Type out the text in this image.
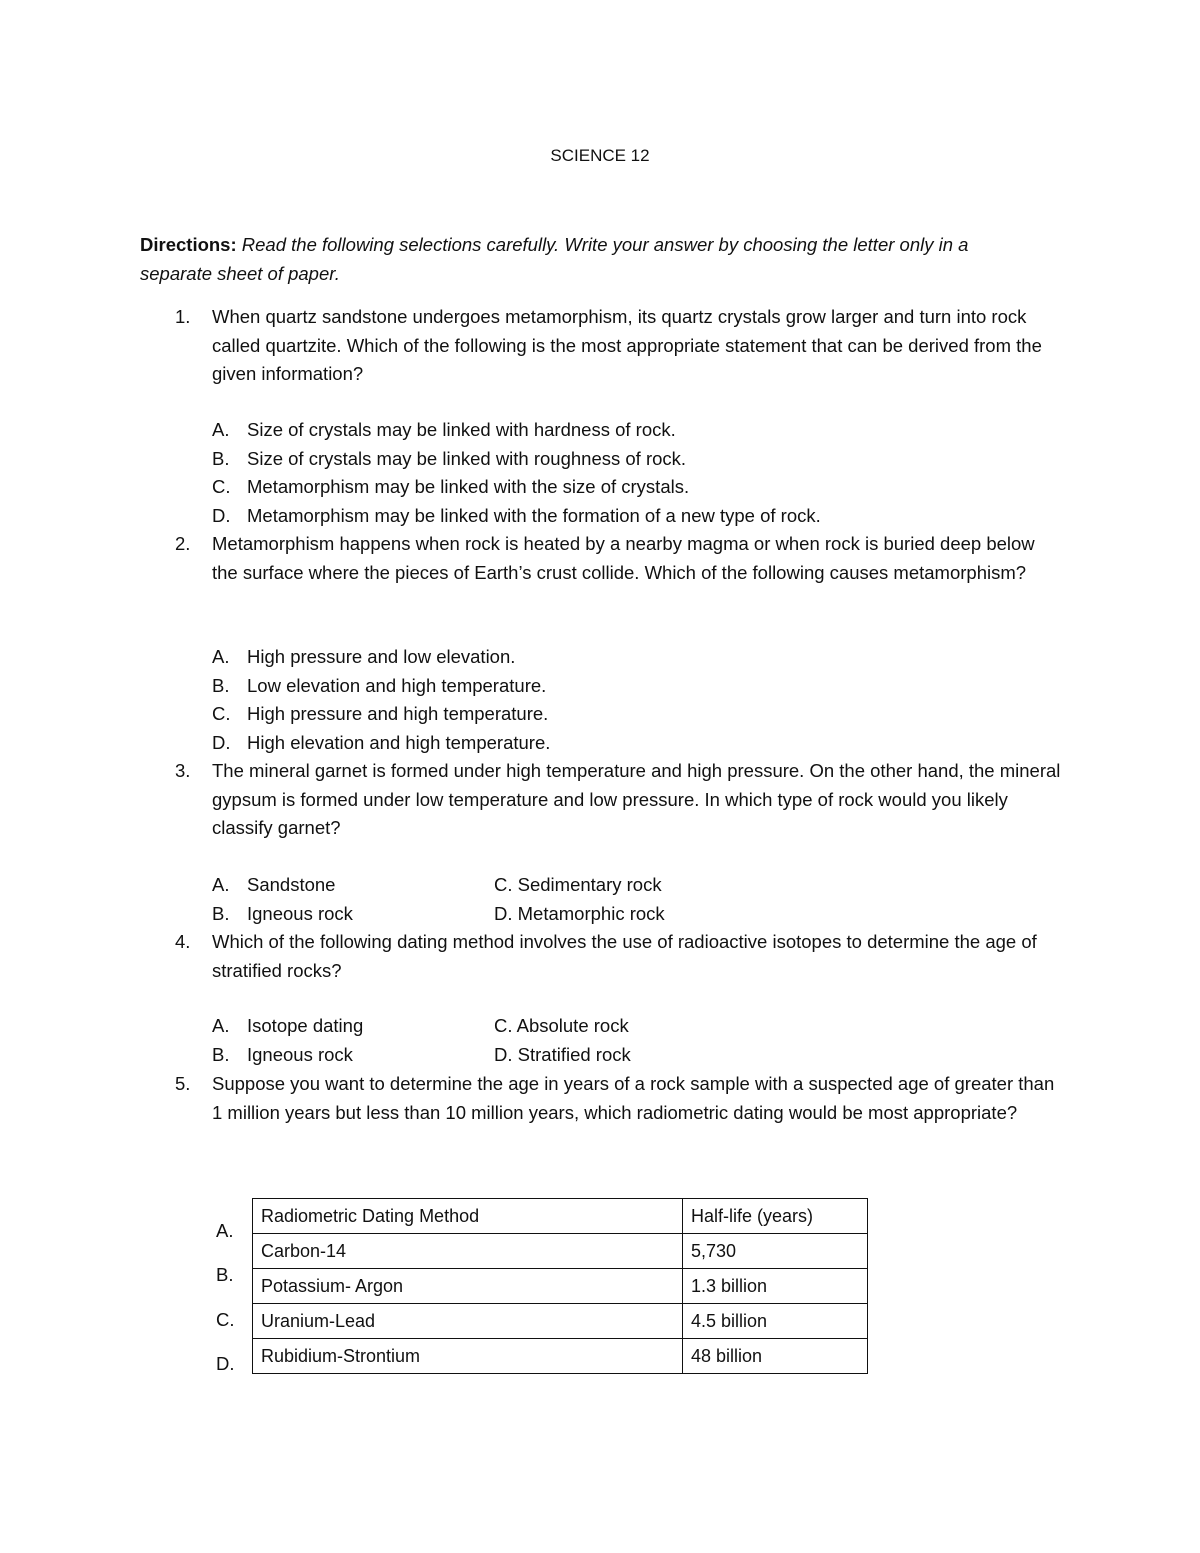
SCIENCE 12
Directions: Read the following selections carefully. Write your answer by choosing the letter only in a separate sheet of paper.
1. When quartz sandstone undergoes metamorphism, its quartz crystals grow larger and turn into rock called quartzite. Which of the following is the most appropriate statement that can be derived from the given information?
A. Size of crystals may be linked with hardness of rock.
B. Size of crystals may be linked with roughness of rock.
C. Metamorphism may be linked with the size of crystals.
D. Metamorphism may be linked with the formation of a new type of rock.
2. Metamorphism happens when rock is heated by a nearby magma or when rock is buried deep below the surface where the pieces of Earth’s crust collide. Which of the following causes metamorphism?
A. High pressure and low elevation.
B. Low elevation and high temperature.
C. High pressure and high temperature.
D. High elevation and high temperature.
3. The mineral garnet is formed under high temperature and high pressure. On the other hand, the mineral gypsum is formed under low temperature and low pressure. In which type of rock would you likely classify garnet?
A. Sandstone	C. Sedimentary rock
B. Igneous rock	D. Metamorphic rock
4. Which of the following dating method involves the use of radioactive isotopes to determine the age of stratified rocks?
A. Isotope dating	C. Absolute rock
B. Igneous rock	D. Stratified rock
5. Suppose you want to determine the age in years of a rock sample with a suspected age of greater than 1 million years but less than 10 million years, which radiometric dating would be most appropriate?
A.
B.
C.
D.
Radiometric Dating Method	Half-life (years)
Carbon-14	5,730
Potassium- Argon	1.3 billion
Uranium-Lead	4.5 billion
Rubidium-Strontium	48 billion
